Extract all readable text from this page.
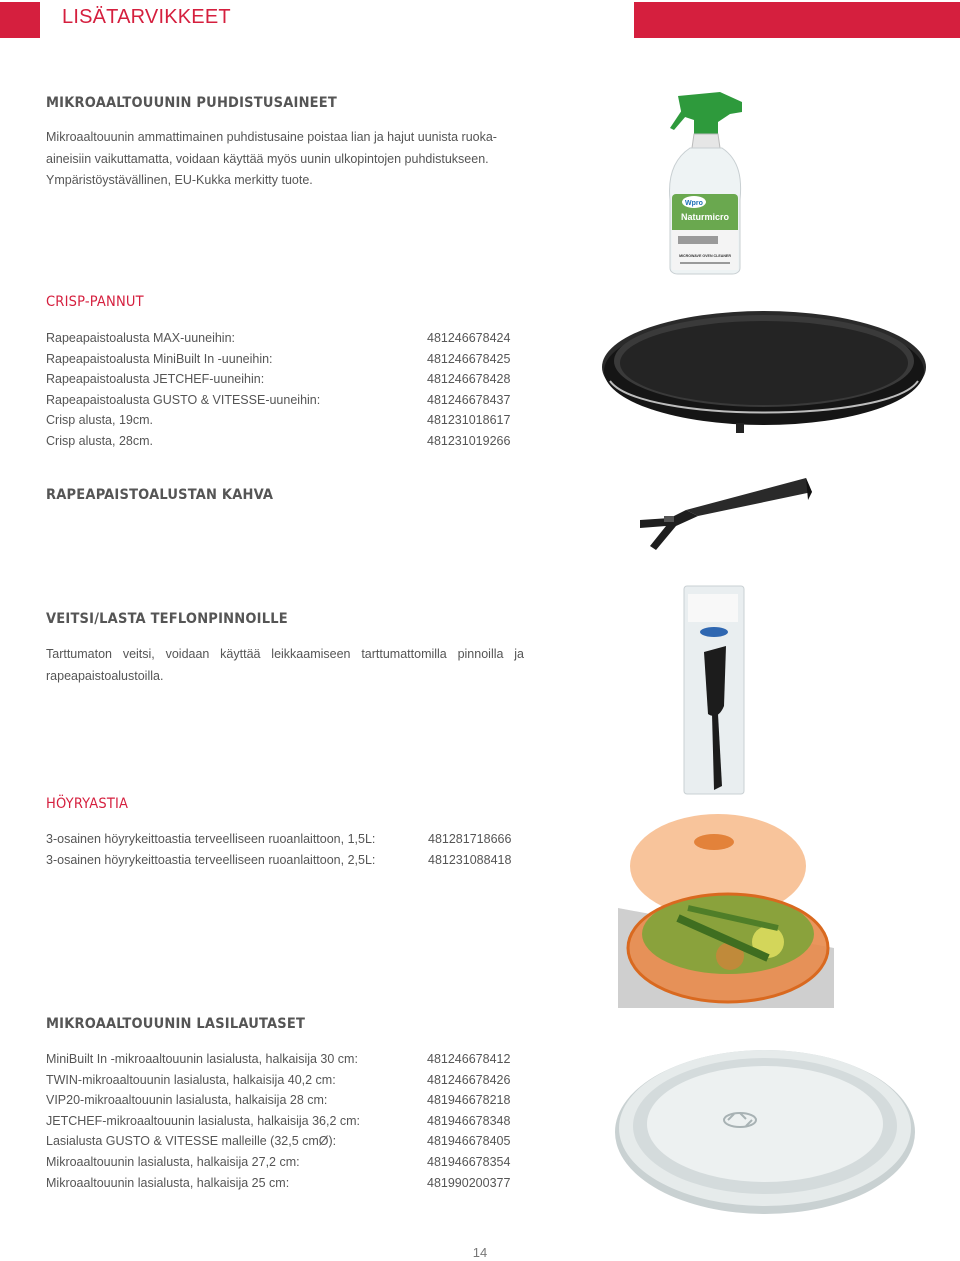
LISÄTARVIKKEET
MIKROAALTOUUNIN PUHDISTUSAINEET
Mikroaaltouunin ammattimainen puhdistusaine poistaa lian ja hajut uunista ruoka-
aineisiin vaikuttamatta, voidaan käyttää myös uunin ulkopintojen puhdistukseen.
Ympäristöystävällinen, EU-Kukka merkitty tuote.
Wpro
Naturmicro
MICROWAVE OVEN CLEANER
CRISP-PANNUT
Rapeapaistoalusta MAX-uuneihin:	481246678424
Rapeapaistoalusta MiniBuilt In -uuneihin:	481246678425
Rapeapaistoalusta JETCHEF-uuneihin:	481246678428
Rapeapaistoalusta GUSTO & VITESSE-uuneihin:	481246678437
Crisp alusta, 19cm.	481231018617
Crisp alusta, 28cm.	481231019266
RAPEAPAISTOALUSTAN KAHVA
VEITSI/LASTA TEFLONPINNOILLE
Tarttumaton veitsi, voidaan käyttää leikkaamiseen tarttumattomilla pinnoilla ja
rapeapaistoalustoilla.
HÖYRYASTIA
3-osainen höyrykeittoastia terveelliseen ruoanlaittoon, 1,5L:	481281718666
3-osainen höyrykeittoastia terveelliseen ruoanlaittoon, 2,5L:	481231088418
MIKROAALTOUUNIN LASILAUTASET
MiniBuilt In -mikroaaltouunin lasialusta, halkaisija 30 cm:	481246678412
TWIN-mikroaaltouunin lasialusta, halkaisija 40,2 cm:	481246678426
VIP20-mikroaaltouunin lasialusta, halkaisija 28 cm:	481946678218
JETCHEF-mikroaaltouunin lasialusta, halkaisija 36,2 cm:	481946678348
Lasialusta GUSTO & VITESSE malleille (32,5 cmØ):	481946678405
Mikroaaltouunin lasialusta, halkaisija 27,2 cm:	481946678354
Mikroaaltouunin lasialusta, halkaisija 25 cm:	481990200377
14
